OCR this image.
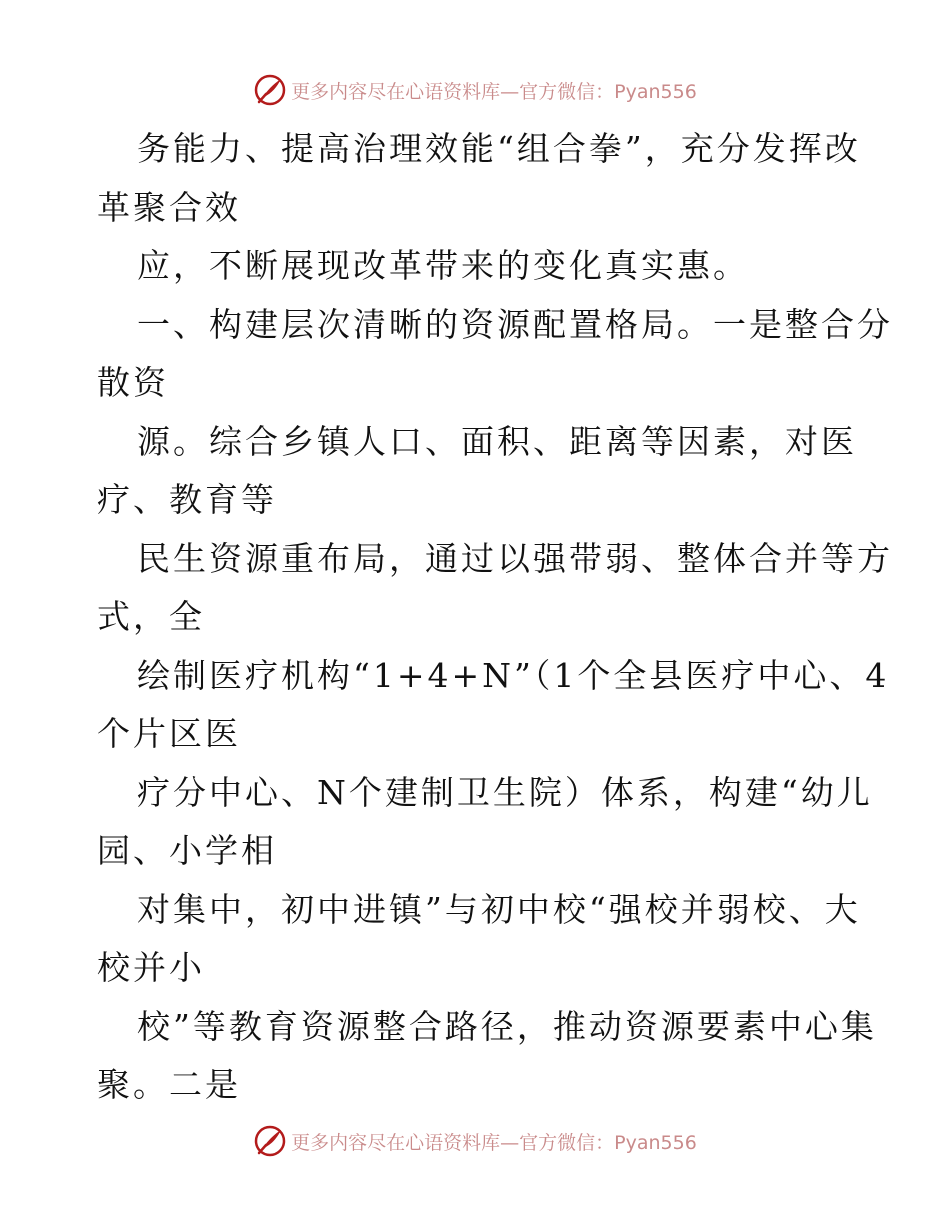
更多内容尽在心语资料库—官方微信：Pyan556
务能力、提高治理效能“组合拳”，充分发挥改
革聚合效
应，不断展现改革带来的变化真实惠。
一、构建层次清晰的资源配置格局。一是整合分
散资
源。综合乡镇人口、面积、距离等因素，对医
疗、教育等
民生资源重布局，通过以强带弱、整体合并等方
式，全
绘制医疗机构“1+4+N”（1个全县医疗中心、4
个片区医
疗分中心、N个建制卫生院）体系，构建“幼儿
园、小学相
对集中，初中进镇”与初中校“强校并弱校、大
校并小
校”等教育资源整合路径，推动资源要素中心集
聚。二是
更多内容尽在心语资料库—官方微信：Pyan556
